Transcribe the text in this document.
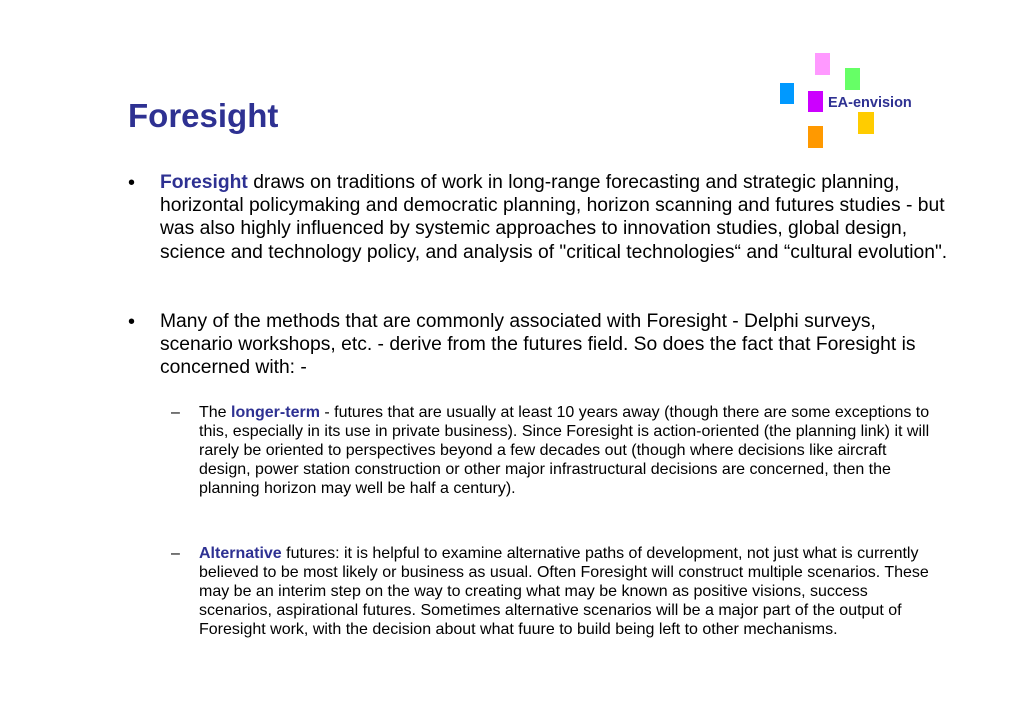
Foresight	EA-envision
• Foresight draws on traditions of work in long-range forecasting and strategic planning, horizontal policymaking and democratic planning, horizon scanning and futures studies - but was also highly influenced by systemic approaches to innovation studies, global design, science and technology policy, and analysis of "critical technologies“ and “cultural evolution".
• Many of the methods that are commonly associated with Foresight - Delphi surveys, scenario workshops, etc. - derive from the futures field. So does the fact that Foresight is concerned with: -
– The longer-term - futures that are usually at least 10 years away (though there are some exceptions to this, especially in its use in private business). Since Foresight is action-oriented (the planning link) it will rarely be oriented to perspectives beyond a few decades out (though where decisions like aircraft design, power station construction or other major infrastructural decisions are concerned, then the planning horizon may well be half a century).
– Alternative futures: it is helpful to examine alternative paths of development, not just what is currently believed to be most likely or business as usual. Often Foresight will construct multiple scenarios. These may be an interim step on the way to creating what may be known as positive visions, success scenarios, aspirational futures. Sometimes alternative scenarios will be a major part of the output of Foresight work, with the decision about what fuure to build being left to other mechanisms.
